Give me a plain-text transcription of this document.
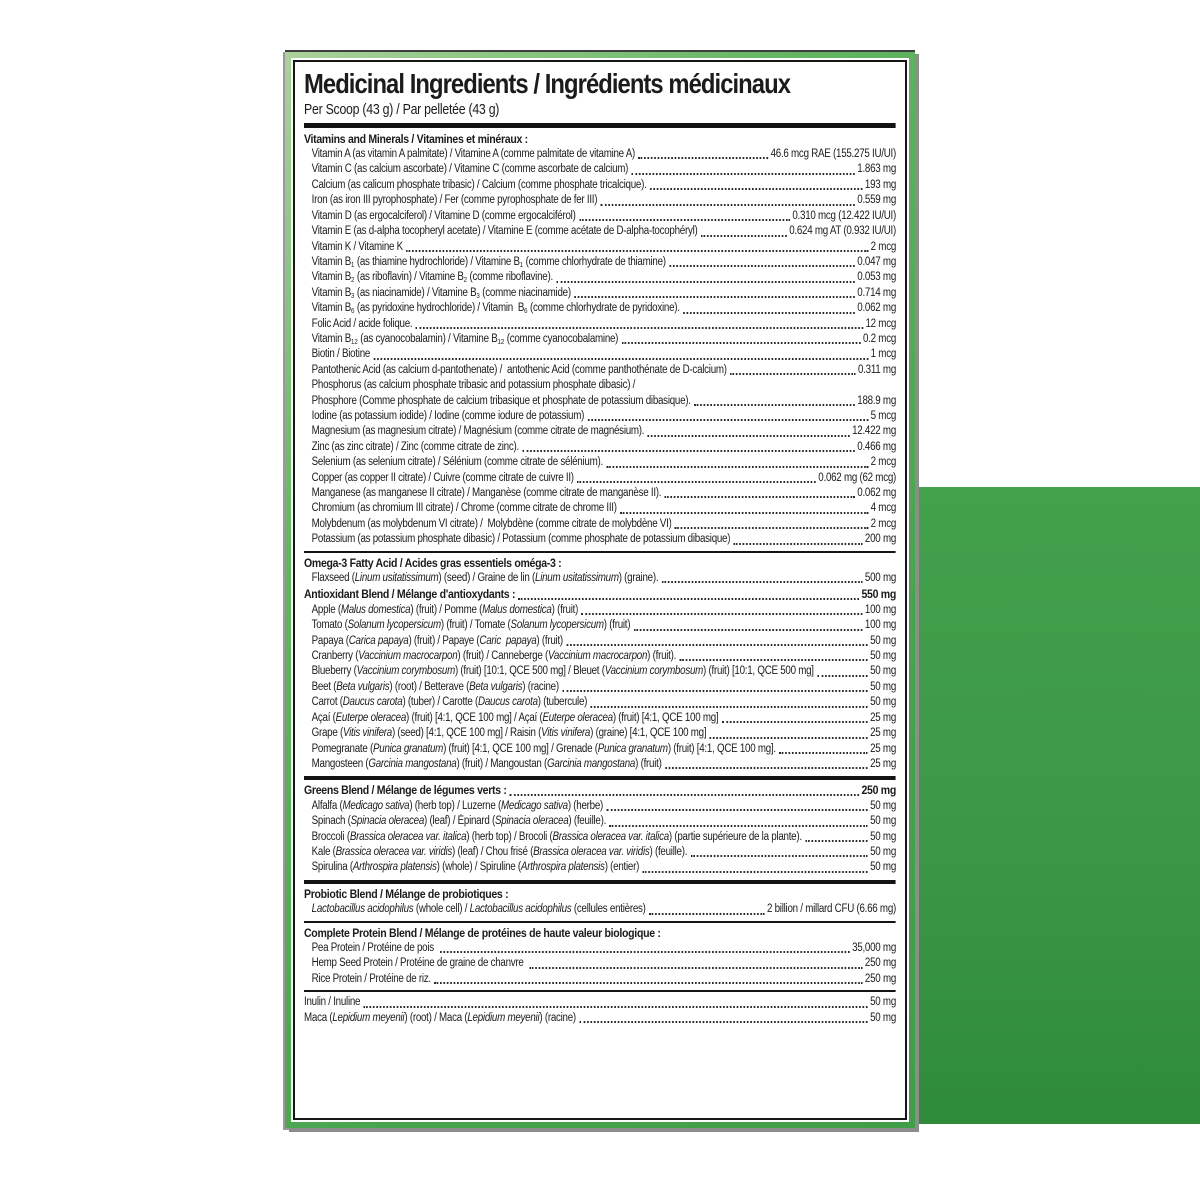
Medicinal Ingredients / Ingrédients médicinaux
Per Scoop (43 g) / Par pelletée (43 g)
Vitamins and Minerals / Vitamines et minéraux :
Vitamin A (as vitamin A palmitate) / Vitamine A (comme palmitate de vitamine A)	46.6 mcg RAE (155.275 IU/UI)
Vitamin C (as calcium ascorbate) / Vitamine C (comme ascorbate de calcium)	1.863 mg
Calcium (as calicum phosphate tribasic) / Calcium (comme phosphate tricalcique).	193 mg
Iron (as iron III pyrophosphate) / Fer (comme pyrophosphate de fer III)	0.559 mg
Vitamin D (as ergocalciferol) / Vitamine D (comme ergocalciférol)	0.310 mcg (12.422 IU/UI)
Vitamin E (as d-alpha tocopheryl acetate) / Vitamine E (comme acétate de D-alpha-tocophéryl)	0.624 mg AT (0.932 IU/UI)
Vitamin K / Vitamine K	2 mcg
Vitamin B1 (as thiamine hydrochloride) / Vitamine B1 (comme chlorhydrate de thiamine)	0.047 mg
Vitamin B2 (as riboflavin) / Vitamine B2 (comme riboflavine).	0.053 mg
Vitamin B3 (as niacinamide) / Vitamine B3 (comme niacinamide)	0.714 mg
Vitamin B6 (as pyridoxine hydrochloride) / Vitamin  B6 (comme chlorhydrate de pyridoxine).	0.062 mg
Folic Acid / acide folique.	12 mcg
Vitamin B12 (as cyanocobalamin) / Vitamine B12 (comme cyanocobalamine)	0.2 mcg
Biotin / Biotine	1 mcg
Pantothenic Acid (as calcium d-pantothenate) /  antothenic Acid (comme panthothénate de D-calcium)	0.311 mg
Phosphorus (as calcium phosphate tribasic and potassium phosphate dibasic) /
Phosphore (Comme phosphate de calcium tribasique et phosphate de potassium dibasique).	188.9 mg
Iodine (as potassium iodide) / Iodine (comme iodure de potassium)	5 mcg
Magnesium (as magnesium citrate) / Magnésium (comme citrate de magnésium).	12.422 mg
Zinc (as zinc citrate) / Zinc (comme citrate de zinc).	0.466 mg
Selenium (as selenium citrate) / Sélénium (comme citrate de sélénium).	2 mcg
Copper (as copper II citrate) / Cuivre (comme citrate de cuivre II)	0.062 mg (62 mcg)
Manganese (as manganese II citrate) / Manganèse (comme citrate de manganèse II).	0.062 mg
Chromium (as chromium III citrate) / Chrome (comme citrate de chrome III)	4 mcg
Molybdenum (as molybdenum VI citrate) /  Molybdène (comme citrate de molybdène VI)	2 mcg
Potassium (as potassium phosphate dibasic) / Potassium (comme phosphate de potassium dibasique)	200 mg
Omega-3 Fatty Acid / Acides gras essentiels oméga-3 :
Flaxseed (Linum usitatissimum) (seed) / Graine de lin (Linum usitatissimum) (graine).	500 mg
Antioxidant Blend / Mélange d'antioxydants :	550 mg
Apple (Malus domestica) (fruit) / Pomme (Malus domestica) (fruit)	100 mg
Tomato (Solanum lycopersicum) (fruit) / Tomate (Solanum lycopersicum) (fruit)	100 mg
Papaya (Carica papaya) (fruit) / Papaye (Caric  papaya) (fruit)	50 mg
Cranberry (Vaccinium macrocarpon) (fruit) / Canneberge (Vaccinium macrocarpon) (fruit).	50 mg
Blueberry (Vaccinium corymbosum) (fruit) [10:1, QCE 500 mg] / Bleuet (Vaccinium corymbosum) (fruit) [10:1, QCE 500 mg]	50 mg
Beet (Beta vulgaris) (root) / Betterave (Beta vulgaris) (racine)	50 mg
Carrot (Daucus carota) (tuber) / Carotte (Daucus carota) (tubercule)	50 mg
Açaí (Euterpe oleracea) (fruit) [4:1, QCE 100 mg] / Açaí (Euterpe oleracea) (fruit) [4:1, QCE 100 mg]	25 mg
Grape (Vitis vinifera) (seed) [4:1, QCE 100 mg] / Raisin (Vitis vinifera) (graine) [4:1, QCE 100 mg]	25 mg
Pomegranate (Punica granatum) (fruit) [4:1, QCE 100 mg] / Grenade (Punica granatum) (fruit) [4:1, QCE 100 mg].	25 mg
Mangosteen (Garcinia mangostana) (fruit) / Mangoustan (Garcinia mangostana) (fruit)	25 mg
Greens Blend / Mélange de légumes verts :	250 mg
Alfalfa (Medicago sativa) (herb top) / Luzerne (Medicago sativa) (herbe)	50 mg
Spinach (Spinacia oleracea) (leaf) / Épinard (Spinacia oleracea) (feuille).	50 mg
Broccoli (Brassica oleracea var. italica) (herb top) / Brocoli (Brassica oleracea var. italica) (partie supérieure de la plante).	50 mg
Kale (Brassica oleracea var. viridis) (leaf) / Chou frisé (Brassica oleracea var. viridis) (feuille).	50 mg
Spirulina (Arthrospira platensis) (whole) / Spiruline (Arthrospira platensis) (entier)	50 mg
Probiotic Blend / Mélange de probiotiques :
Lactobacillus acidophilus (whole cell) / Lactobacillus acidophilus (cellules entières)	2 billion / millard CFU (6.66 mg)
Complete Protein Blend / Mélange de protéines de haute valeur biologique :
Pea Protein / Protéine de pois	35,000 mg
Hemp Seed Protein / Protéine de graine de chanvre	250 mg
Rice Protein / Protéine de riz.	250 mg
Inulin / Inuline	50 mg
Maca (Lepidium meyenii) (root) / Maca (Lepidium meyenii) (racine)	50 mg
